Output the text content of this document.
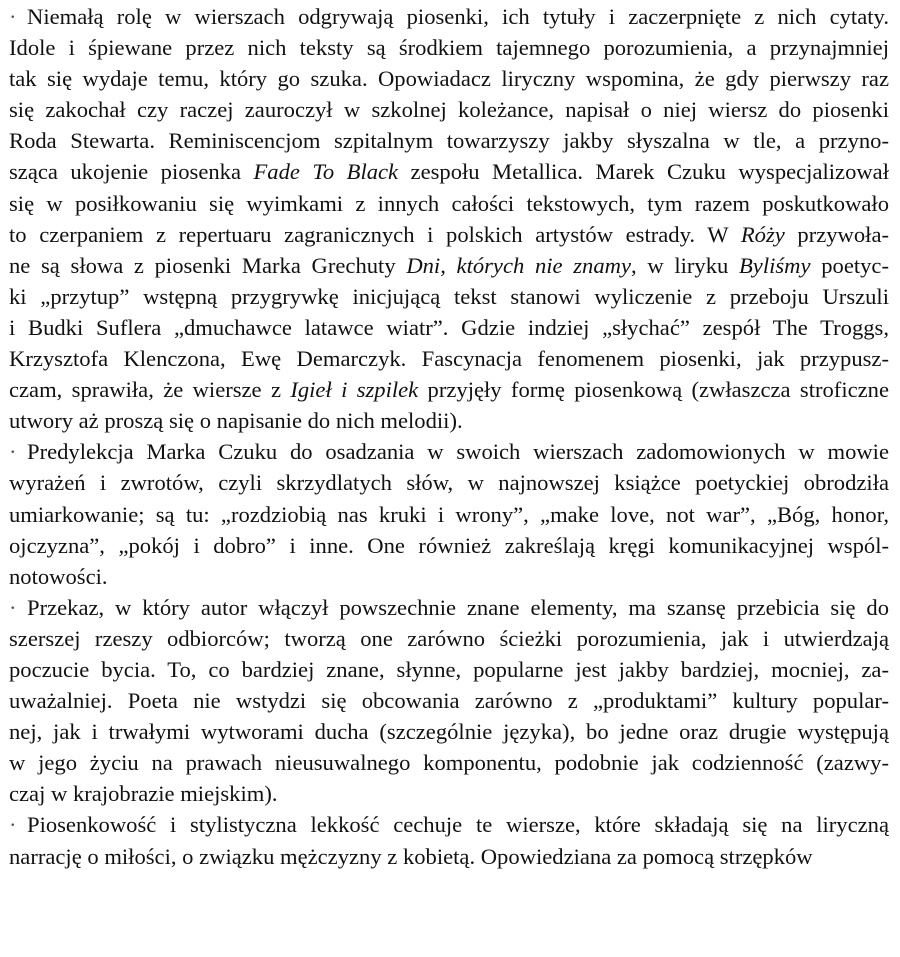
· Niemałą rolę w wierszach odgrywają piosenki, ich tytuły i zaczerpnięte z nich cytaty.
Idole i śpiewane przez nich teksty są środkiem tajemnego porozumienia, a przynajmniej
tak się wydaje temu, który go szuka. Opowiadacz liryczny wspomina, że gdy pierwszy raz
się zakochał czy raczej zauroczył w szkolnej koleżance, napisał o niej wiersz do piosenki
Roda Stewarta. Reminiscencjom szpitalnym towarzyszy jakby słyszalna w tle, a przyno-
sząca ukojenie piosenka Fade To Black zespołu Metallica. Marek Czuku wyspecjalizował
się w posiłkowaniu się wyimkami z innych całości tekstowych, tym razem poskutkowało
to czerpaniem z repertuaru zagranicznych i polskich artystów estrady. W Róży przywoła-
ne są słowa z piosenki Marka Grechuty Dni, których nie znamy, w liryku Byliśmy poetyc-
ki „przytup” wstępną przygrywkę inicjującą tekst stanowi wyliczenie z przeboju Urszuli
i Budki Suflera „dmuchawce latawce wiatr”. Gdzie indziej „słychać” zespół The Troggs,
Krzysztofa Klenczona, Ewę Demarczyk. Fascynacja fenomenem piosenki, jak przypusz-
czam, sprawiła, że wiersze z Igieł i szpilek przyjęły formę piosenkową (zwłaszcza stroficzne
utwory aż proszą się o napisanie do nich melodii).
· Predylekcja Marka Czuku do osadzania w swoich wierszach zadomowionych w mowie
wyrażeń i zwrotów, czyli skrzydlatych słów, w najnowszej książce poetyckiej obrodziła
umiarkowanie; są tu: „rozdziobią nas kruki i wrony”, „make love, not war”, „Bóg, honor,
ojczyzna”, „pokój i dobro” i inne. One również zakreślają kręgi komunikacyjnej wspól-
notowości.
· Przekaz, w który autor włączył powszechnie znane elementy, ma szansę przebicia się do
szerszej rzeszy odbiorców; tworzą one zarówno ścieżki porozumienia, jak i utwierdzają
poczucie bycia. To, co bardziej znane, słynne, popularne jest jakby bardziej, mocniej, za-
uważalniej. Poeta nie wstydzi się obcowania zarówno z „produktami” kultury popular-
nej, jak i trwałymi wytworami ducha (szczególnie języka), bo jedne oraz drugie występują
w jego życiu na prawach nieusuwalnego komponentu, podobnie jak codzienność (zazwy-
czaj w krajobrazie miejskim).
· Piosenkowość i stylistyczna lekkość cechuje te wiersze, które składają się na liryczną
narrację o miłości, o związku mężczyzny z kobietą. Opowiedziana za pomocą strzępków
